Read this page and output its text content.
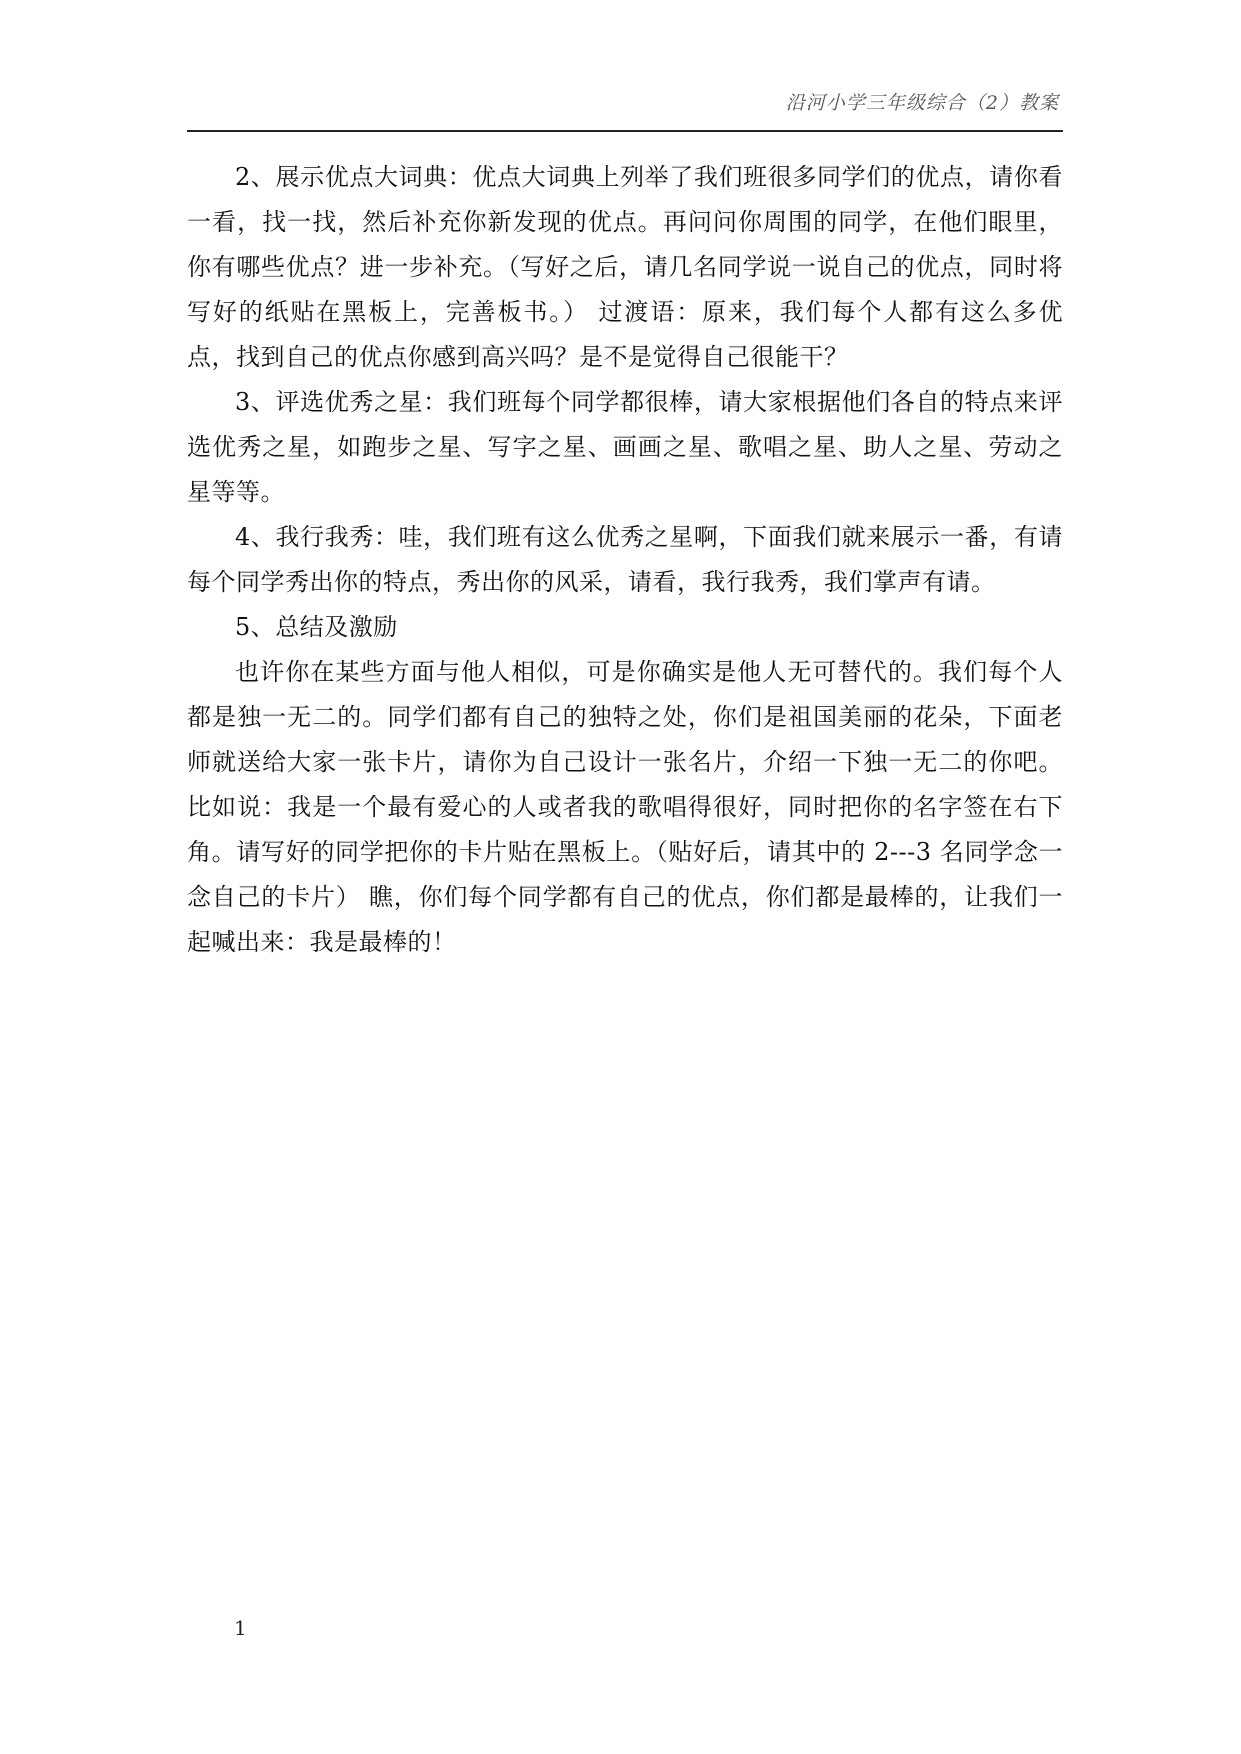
沿河小学三年级综合（2）教案

2、展示优点大词典：优点大词典上列举了我们班很多同学们的优点，请你看一看，找一找，然后补充你新发现的优点。再问问你周围的同学，在他们眼里，你有哪些优点？进一步补充。（写好之后，请几名同学说一说自己的优点，同时将写好的纸贴在黑板上，完善板书。） 过渡语：原来，我们每个人都有这么多优点，找到自己的优点你感到高兴吗？是不是觉得自己很能干？

3、评选优秀之星：我们班每个同学都很棒，请大家根据他们各自的特点来评选优秀之星，如跑步之星、写字之星、画画之星、歌唱之星、助人之星、劳动之星等等。

4、我行我秀：哇，我们班有这么优秀之星啊，下面我们就来展示一番，有请每个同学秀出你的特点，秀出你的风采，请看，我行我秀，我们掌声有请。

5、总结及激励

也许你在某些方面与他人相似，可是你确实是他人无可替代的。我们每个人都是独一无二的。同学们都有自己的独特之处，你们是祖国美丽的花朵，下面老师就送给大家一张卡片，请你为自己设计一张名片，介绍一下独一无二的你吧。比如说：我是一个最有爱心的人或者我的歌唱得很好，同时把你的名字签在右下角。请写好的同学把你的卡片贴在黑板上。（贴好后，请其中的 2---3 名同学念一念自己的卡片） 瞧，你们每个同学都有自己的优点，你们都是最棒的，让我们一起喊出来：我是最棒的！

1
